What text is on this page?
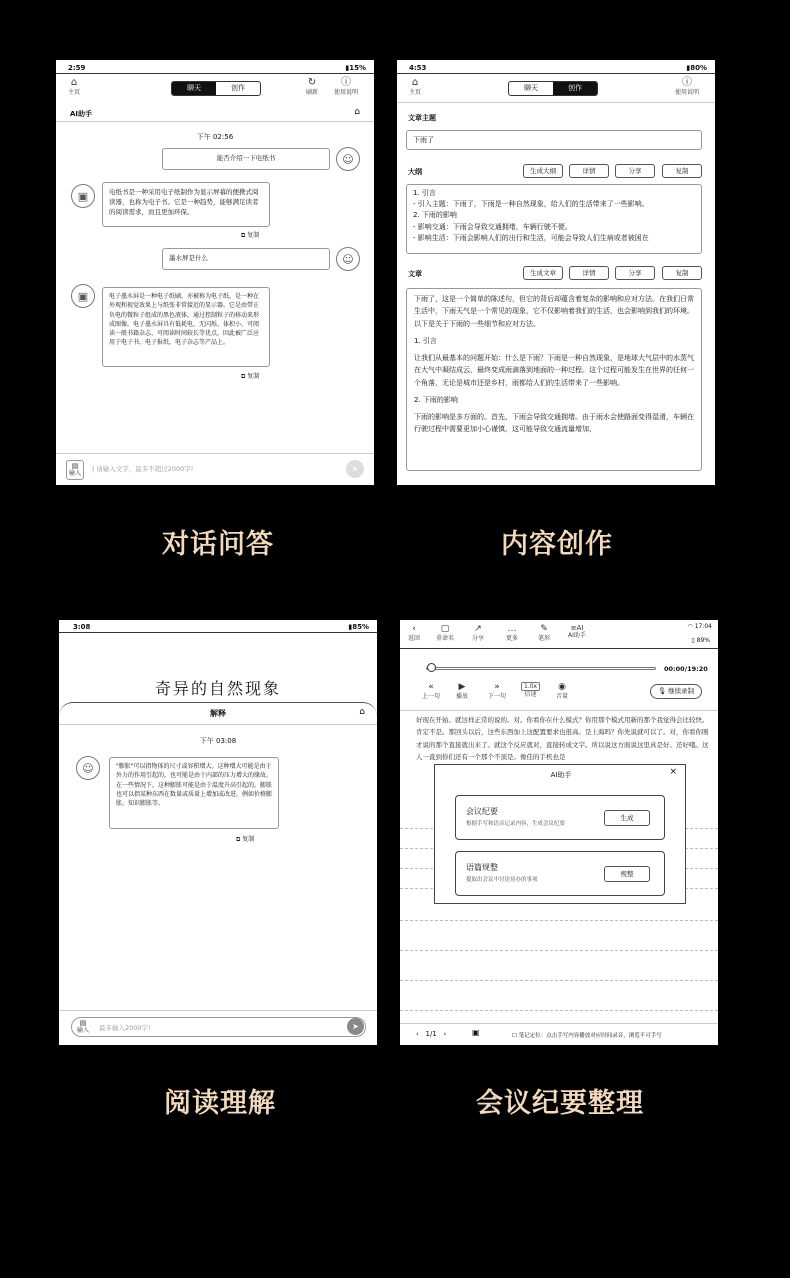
2:59	▮15%
⌂
主页
聊天	创作	↻
刷新
ⓘ
使用说明
AI助手	⌂
下午 02:56
能否介绍一下电纸书	☺
▣	电纸书是一种采用电子纸制作为显示屏幕的便携式阅读器，也称为电子书。它是一种趋势，能够满足读者的阅读需求，而且更加环保。
⧉ 复制
墨水屏是什么	☺
▣	电子墨水屏是一种电子纸刷，亦被称为电子纸。是一种在外观和视觉效果上与纸张非常接近的显示器。它是由带正负电的微粒子组成的黑色液体，通过控制粒子的移动来形成图像。电子墨水屏具有低耗电、无闪烁、体积小、可阅读一般书籍杂志、可阅读时间较长等优点，因此被广泛应用于电子书、电子报纸、电子杂志等产品上。
⧉ 复制
▤
输入
| 请输入文字，最多不超过2000字!	➤
4:53	▮80%
⌂
主页
聊天	创作	ⓘ
使用说明
文章主题
下雨了
大纲	生成大纲	详情	分享	复制
1. 引言
- 引入主题：下雨了，下雨是一种自然现象，给人们的生活带来了一些影响。
2. 下雨的影响
- 影响交通：下雨会导致交通拥堵，车辆行驶不便。
- 影响生活：下雨会影响人们的出行和生活，可能会导致人们生病或者被困在
文章	生成文章	详情	分享	复制
下雨了，这是一个简单的陈述句，但它的背后却蕴含着复杂的影响和应对方法。在我们日常生活中，下雨天气是一个常见的现象，它不仅影响着我们的生活，也会影响到我们的环境。以下是关于下雨的一些细节和应对方法。
1. 引言
让我们从最基本的问题开始：什么是下雨？下雨是一种自然现象，是地球大气层中的水蒸气在大气中凝结成云，最终变成雨滴落到地面的一种过程。这个过程可能发生在世界的任何一个角落，无论是城市还是乡村，雨都给人们的生活带来了一些影响。
2. 下雨的影响
下雨的影响是多方面的。首先，下雨会导致交通拥堵。由于雨水会使路面变得湿滑，车辆在行驶过程中需要更加小心谨慎，这可能导致交通流量增加，
3:08	▮85%
奇异的自然现象
解释	⌂
下午 03:08
☺	"膨胀"可以指物体的尺寸或容积增大。这种增大可能是由于外力的作用引起的，也可能是由于内部的压力增大的缘故。在一些情况下，这种膨胀可能是由于温度升高引起的。膨胀也可以指某种东西在数量或质量上增加或改进，例如价格膨胀、知识膨胀等。
⧉ 复制
▤
输入 最多输入2000字!	➤
◠ 17:04
▯ 89%
‹
返回
▢
重命名
↗
分享
…
更多
✎
笔形
≡AI
AI助手
00:00/19:20
«
上一句
▶
播放
»
下一句
1.0x
倍速
◉
音量
🎙 继续录制
好现在开始。就这样正常的说的。对。你看你在什么模式？你用那个模式用新的那个我觉得会比较快。肯定不是。那回头以后，这些东西加上这配置要求也很高。是上海吗？你先说就可以了。对，你看你刚才说的那个直接就出来了。就这个反应就对，直接转成文字。所以说这方面说这里真是好。还好哦。这人一直到你们还有一个那个不顶是。像佳的手机也是
AI助手	×
会议纪要
根据手写和语音记录内容，生成会议纪要
生成
语篇规整
提取出会议中讨论待办的事项
规整
‹ 1/1 ›	▣	☐ 笔记定位：点击手写内容播放对应时间录音，浏览不可手写
对话问答	内容创作
阅读理解	会议纪要整理
